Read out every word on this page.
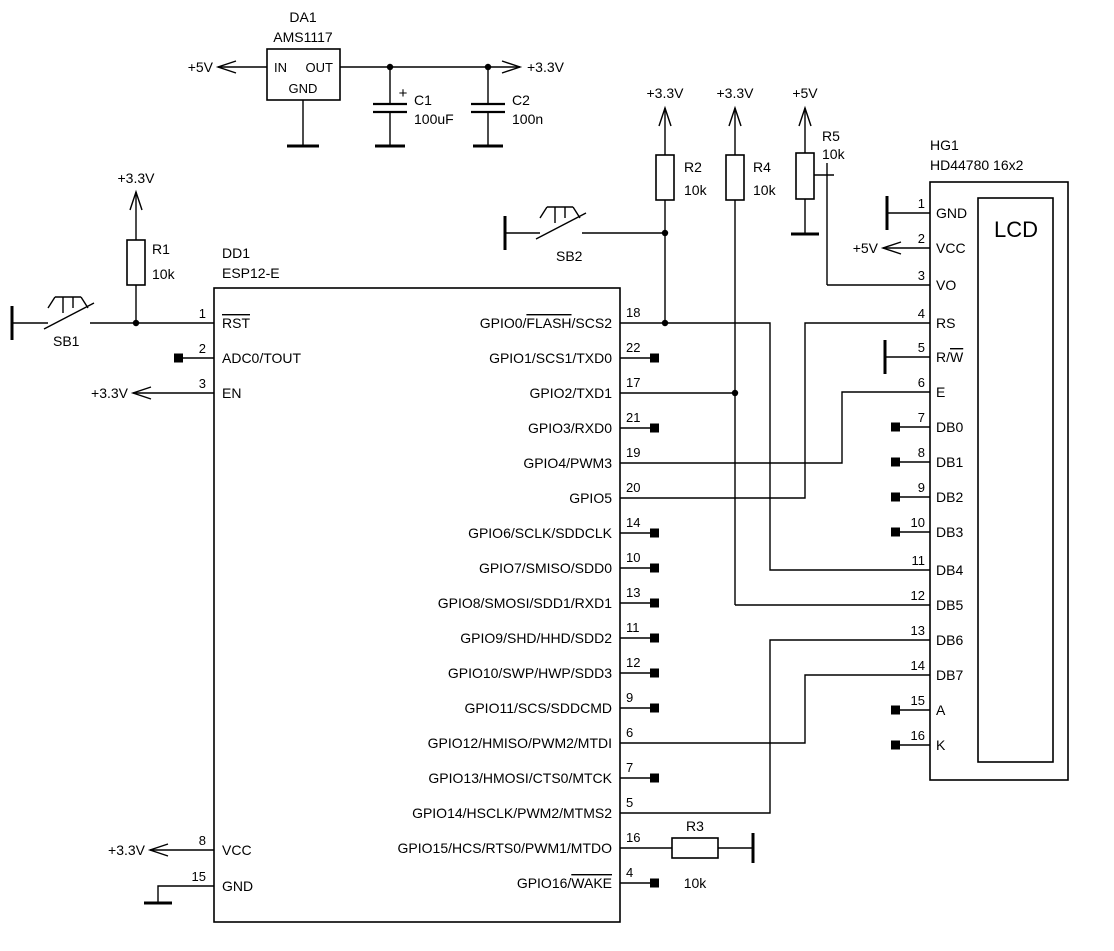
+5V
DA1
AMS1117
IN OUT
GND
+3.3V
+ C1
100uF
C2
100n
+3.3V
R1
10k
SB1
DD1
ESP12-E
1
RST
2
ADC0/TOUT
+3.3V
3
EN
+3.3V
8
VCC
15
GND
18
22
17
21
19
20
14
10
13
11
12
9
6
7
5
16
4
GPIO0/FLASH/SCS2
GPIO1/SCS1/TXD0
GPIO2/TXD1
GPIO3/RXD0
GPIO4/PWM3
GPIO5
GPIO6/SCLK/SDDCLK
GPIO7/SMISO/SDD0
GPIO8/SMOSI/SDD1/RXD1
GPIO9/SHD/HHD/SDD2
GPIO10/SWP/HWP/SDD3
GPIO11/SCS/SDDCMD
GPIO12/HMISO/PWM2/MTDI
GPIO13/HMOSI/CTS0/MTCK
GPIO14/HSCLK/PWM2/MTMS2
GPIO15/HCS/RTS0/PWM1/MTDO
GPIO16/WAKE
+3.3V
R2
10k
SB2
+3.3V
R4
10k
+5V
R5
10k
R3
10k
HG1
HD44780 16x2
LCD
1
GND
+5V
2
VCC
3
VO
4
RS
5
R/W
6
E
7
DB0
8
DB1
9
DB2
10
DB3
11
DB4
12
DB5
13
DB6
14
DB7
15
A
16
K
